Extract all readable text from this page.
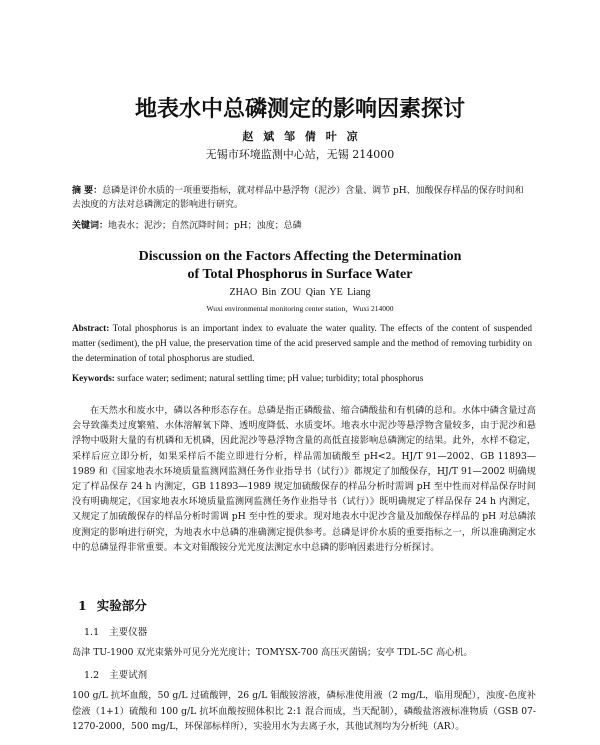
地表水中总磷测定的影响因素探讨
赵 斌 邹 倩 叶 凉
无锡市环境监测中心站，无锡 214000
摘 要：总磷是评价水质的一项重要指标，就对样品中悬浮物（泥沙）含量、调节 pH、加酸保存样品的保存时间和去浊度的方法对总磷测定的影响进行研究。
关键词：地表水；泥沙；自然沉降时间；pH；浊度；总磷
Discussion on the Factors Affecting the Determination
of Total Phosphorus in Surface Water
ZHAO Bin ZOU Qian YE Liang
Wuxi environmental monitoring center station，Wuxi 214000
Abstract: Total phosphorus is an important index to evaluate the water quality. The effects of the content of suspended matter (sediment), the pH value, the preservation time of the acid preserved sample and the method of removing turbidity on the determination of total phosphorus are studied.
Keywords: surface water; sediment; natural settling time; pH value; turbidity; total phosphorus
在天然水和废水中，磷以各种形态存在。总磷是指正磷酸盐、缩合磷酸盐和有机磷的总和。水体中磷含量过高会导致藻类过度繁殖、水体溶解氧下降、透明度降低、水质变坏。地表水中泥沙等悬浮物含量较多，由于泥沙和悬浮物中吸附大量的有机磷和无机磷，因此泥沙等悬浮物含量的高低直接影响总磷测定的结果。此外，水样不稳定，采样后应立即分析，如果采样后不能立即进行分析，样品需加硫酸至 pH<2。HJ/T 91—2002、GB 11893—1989 和《国家地表水环境质量监测网监测任务作业指导书（试行）》都规定了加酸保存，HJ/T 91—2002 明确规定了样品保存 24 h 内测定，GB 11893—1989 规定加硫酸保存的样品分析时需调 pH 至中性而对样品保存时间没有明确规定，《国家地表水环境质量监测网监测任务作业指导书（试行）》既明确规定了样品保存 24 h 内测定，又规定了加硫酸保存的样品分析时需调 pH 至中性的要求。现对地表水中泥沙含量及加酸保存样品的 pH 对总磷浓度测定的影响进行研究，为地表水中总磷的准确测定提供参考。总磷是评价水质的重要指标之一，所以准确测定水中的总磷显得非常重要。本文对钼酸铵分光光度法测定水中总磷的影响因素进行分析探讨。
1 实验部分
1.1 主要仪器
岛津 TU-1900 双光束紫外可见分光光度计；TOMYSX-700 高压灭菌锅；安亭 TDL-5C 高心机。
1.2 主要试剂
100 g/L 抗坏血酸，50 g/L 过硫酸钾，26 g/L 钼酸铵溶液，磷标准使用液（2 mg/L，临用现配），浊度-色度补偿液（1+1）硫酸和 100 g/L 抗坏血酸按照体积比 2:1 混合而成，当天配制），磷酸盐溶液标准物质（GSB 07-1270-2000，500 mg/L，环保部标样所），实验用水为去离子水，其他试剂均为分析纯（AR）。
